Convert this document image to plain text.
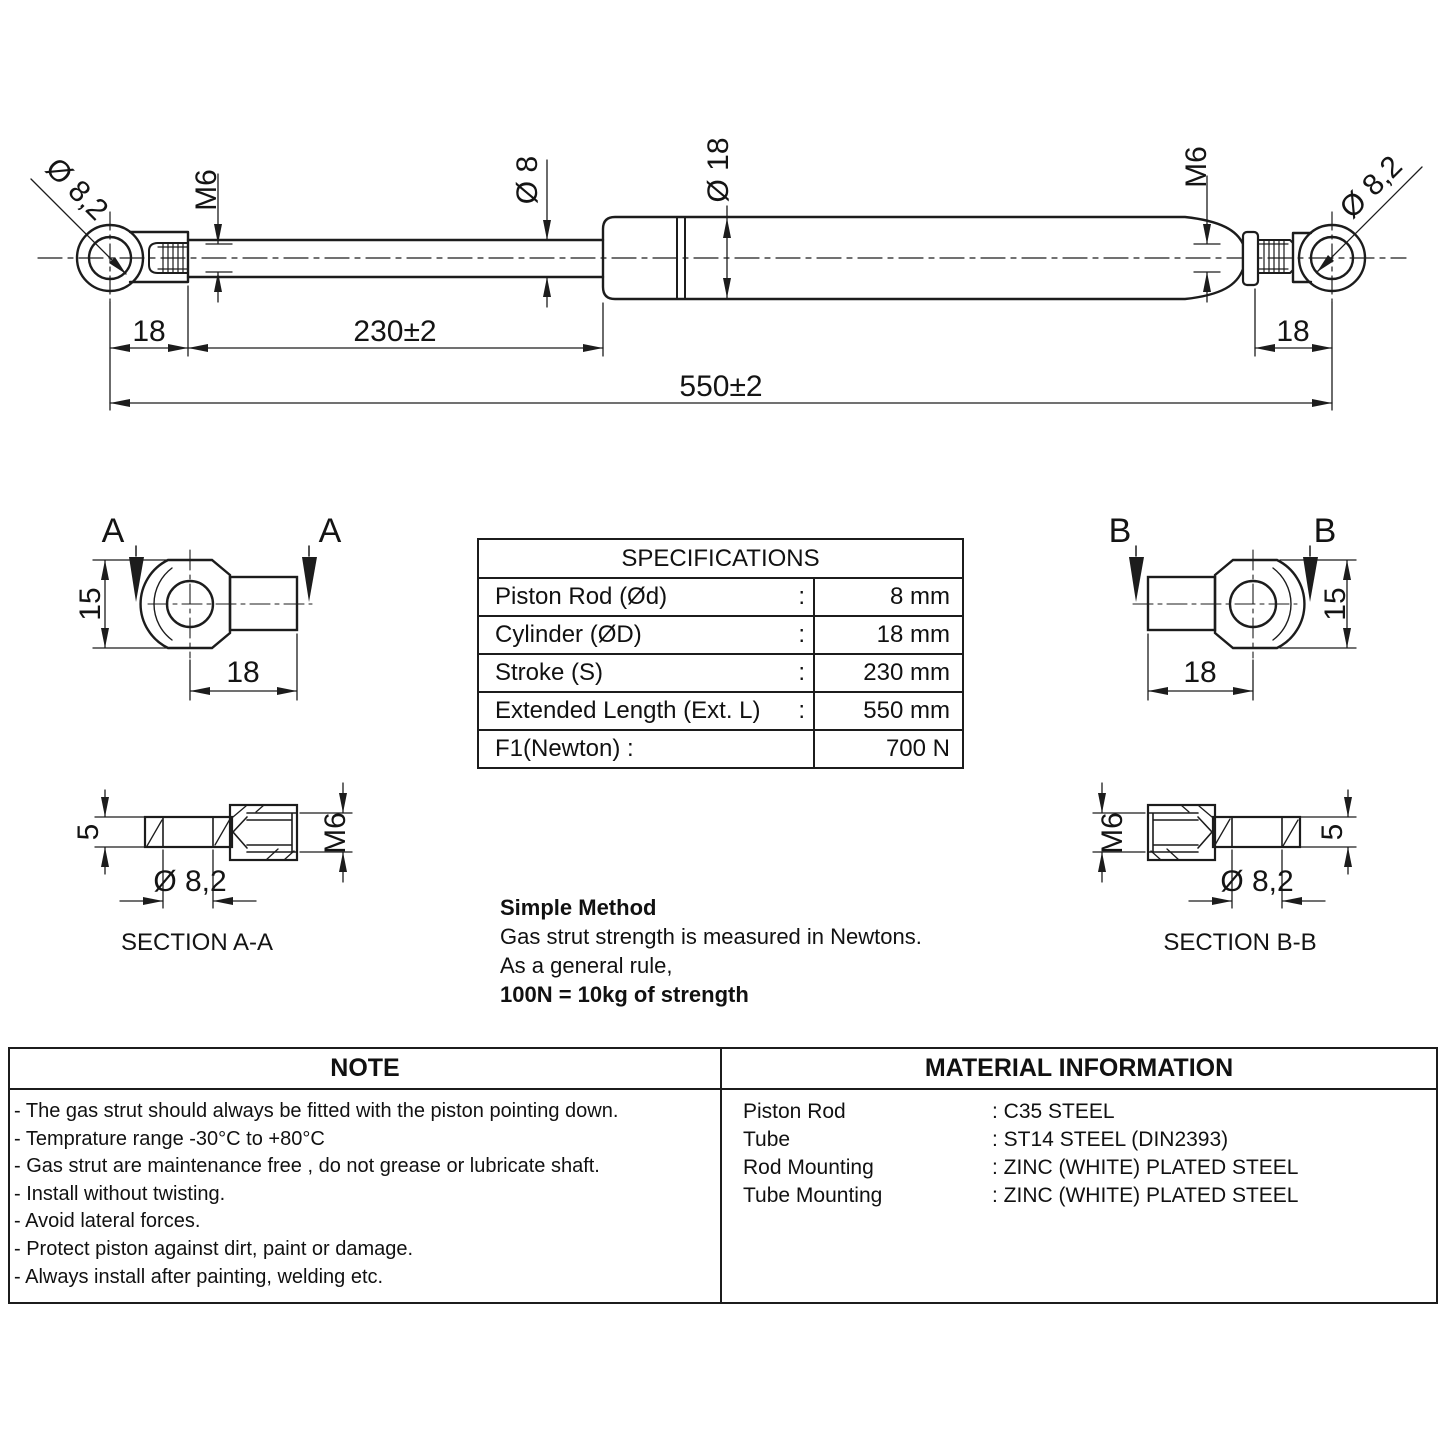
Ø 8,2	M6	Ø 8	Ø 18	M6	Ø 8,2
18	230±2	18
550±2
A	A
15
18
5	M6
Ø 8,2
SECTION A-A
B	B
15
18
M6	5
Ø 8,2
SECTION B-B
SPECIFICATIONS
Piston Rod (Ød)	:	8 mm
Cylinder (ØD)	:	18 mm
Stroke (S)	:	230 mm
Extended Length (Ext. L) :	550 mm
F1(Newton) :	700 N
Simple Method
Gas strut strength is measured in Newtons.
As a general rule,
100N = 10kg of strength
NOTE	MATERIAL INFORMATION
- The gas strut should always be fitted with the piston pointing down.
- Temprature range -30°C to +80°C
- Gas strut are maintenance free , do not grease or lubricate shaft.
- Install without twisting.
- Avoid lateral forces.
- Protect piston against dirt, paint or damage.
- Always install after painting, welding etc.
Piston Rod	: C35 STEEL
Tube	: ST14 STEEL (DIN2393)
Rod Mounting	: ZINC (WHITE) PLATED STEEL
Tube Mounting	: ZINC (WHITE) PLATED STEEL
